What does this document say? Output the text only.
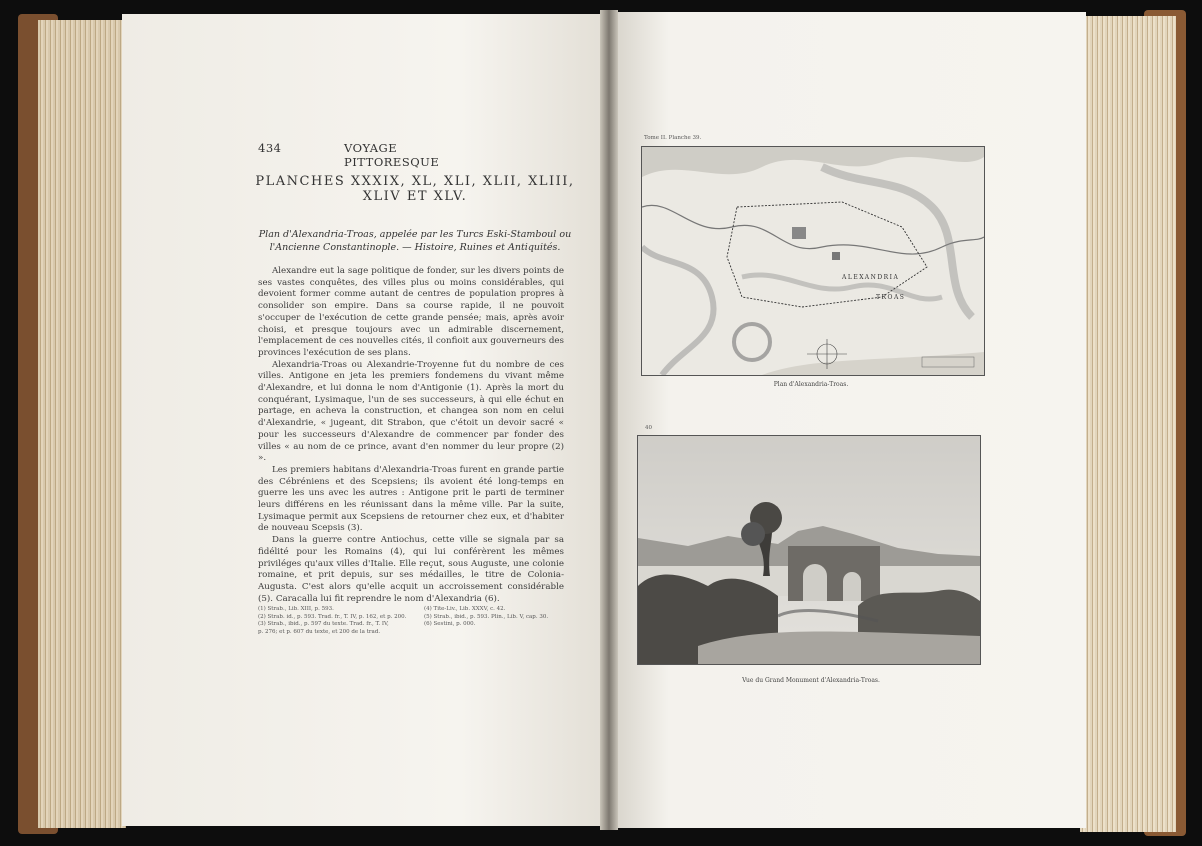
434	VOYAGE PITTORESQUE
PLANCHES XXXIX, XL, XLI, XLII, XLIII,
XLIV ET XLV.
Plan d'Alexandria-Troas, appelée par les Turcs Eski-Stamboul ou
l'Ancienne Constantinople. — Histoire, Ruines et Antiquités.

Alexandre eut la sage politique de fonder, sur les divers points de ses vastes conquêtes, des villes plus ou moins considérables, qui devoient former comme autant de centres de population propres à consolider son empire. Dans sa course rapide, il ne pouvoit s'occuper de l'exécution de cette grande pensée; mais, après avoir choisi, et presque toujours avec un admirable discernement, l'emplacement de ces nouvelles cités, il confioit aux gouverneurs des provinces l'exécution de ses plans.

Alexandria-Troas ou Alexandrie-Troyenne fut du nombre de ces villes. Antigone en jeta les premiers fondemens du vivant même d'Alexandre, et lui donna le nom d'Antigonie (1). Après la mort du conquérant, Lysimaque, l'un de ses successeurs, à qui elle échut en partage, en acheva la construction, et changea son nom en celui d'Alexandrie, « jugeant, dit Strabon, que c'étoit un devoir sacré « pour les successeurs d'Alexandre de commencer par fonder des villes « au nom de ce prince, avant d'en nommer du leur propre (2) ».

Les premiers habitans d'Alexandria-Troas furent en grande partie des Cébréniens et des Scepsiens; ils avoient été long-temps en guerre les uns avec les autres : Antigone prit le parti de terminer leurs différens en les réunissant dans la même ville. Par la suite, Lysimaque permit aux Scepsiens de retourner chez eux, et d'habiter de nouveau Scepsis (3).

Dans la guerre contre Antiochus, cette ville se signala par sa fidélité pour les Romains (4), qui lui conférèrent les mêmes priviléges qu'aux villes d'Italie. Elle reçut, sous Auguste, une colonie romaine, et prit depuis, sur ses médailles, le titre de Colonia-Augusta. C'est alors qu'elle acquit un accroissement considérable (5). Caracalla lui fit reprendre le nom d'Alexandria (6).

(1) Strab., Lib. XIII, p. 593.
(2) Strab. id., p. 593. Trad. fr., T. IV, p. 162, et p. 200.
(3) Strab., ibid., p. 597 du texte. Trad. fr., T. IV,
p. 276; et p. 607 du texte, et 200 de la trad.
(4) Tite-Liv., Lib. XXXV, c. 42.
(5) Strab., ibid., p. 593. Plin., Lib. V, cap. 30.
(6) Sestini, p. 000.
Tome II. Planche 39.
ALEXANDRIA
TROAS
Plan d'Alexandria-Troas.
40
Vue du Grand Monument d'Alexandria-Troas.
